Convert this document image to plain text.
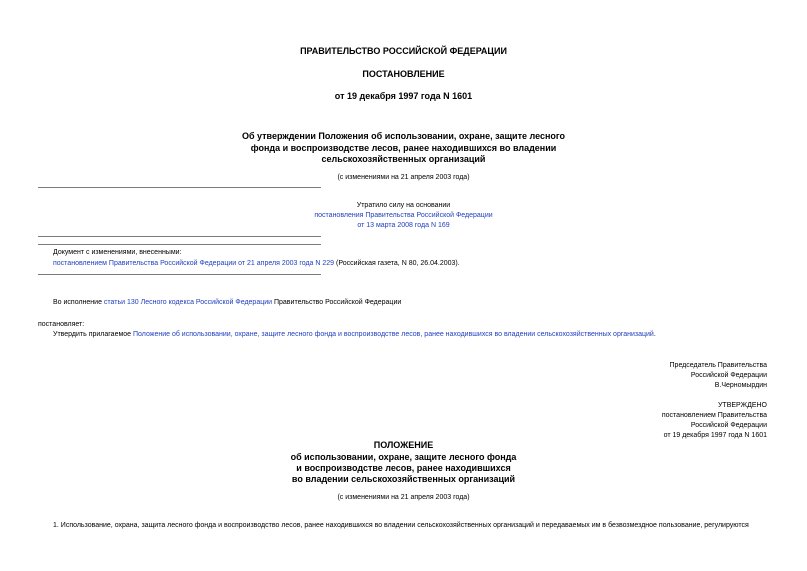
ПРАВИТЕЛЬСТВО РОССИЙСКОЙ ФЕДЕРАЦИИ
ПОСТАНОВЛЕНИЕ
от 19 декабря 1997 года N 1601
Об утверждении Положения об использовании, охране, защите лесного
фонда и воспроизводстве лесов, ранее находившихся во владении
сельскохозяйственных организаций
(с изменениями на 21 апреля 2003 года)
Утратило силу на основании
постановления Правительства Российской Федерации
от 13 марта 2008 года N 169
Документ с изменениями, внесенными:
постановлением Правительства Российской Федерации от 21 апреля 2003 года N 229 (Российская газета, N 80, 26.04.2003).
Во исполнение статьи 130 Лесного кодекса Российской Федерации Правительство Российской Федерации
постановляет:
Утвердить прилагаемое Положение об использовании, охране, защите лесного фонда и воспроизводстве лесов, ранее находившихся во владении сельскохозяйственных организаций.
Председатель Правительства
Российской Федерации
В.Черномырдин
УТВЕРЖДЕНО
постановлением Правительства
Российской Федерации
от 19 декабря 1997 года N 1601
ПОЛОЖЕНИЕ
об использовании, охране, защите лесного фонда
и воспроизводстве лесов, ранее находившихся
во владении сельскохозяйственных организаций
(с изменениями на 21 апреля 2003 года)
1. Использование, охрана, защита лесного фонда и воспроизводство лесов, ранее находившихся во владении сельскохозяйственных организаций и передаваемых им в безвозмездное пользование, регулируются
